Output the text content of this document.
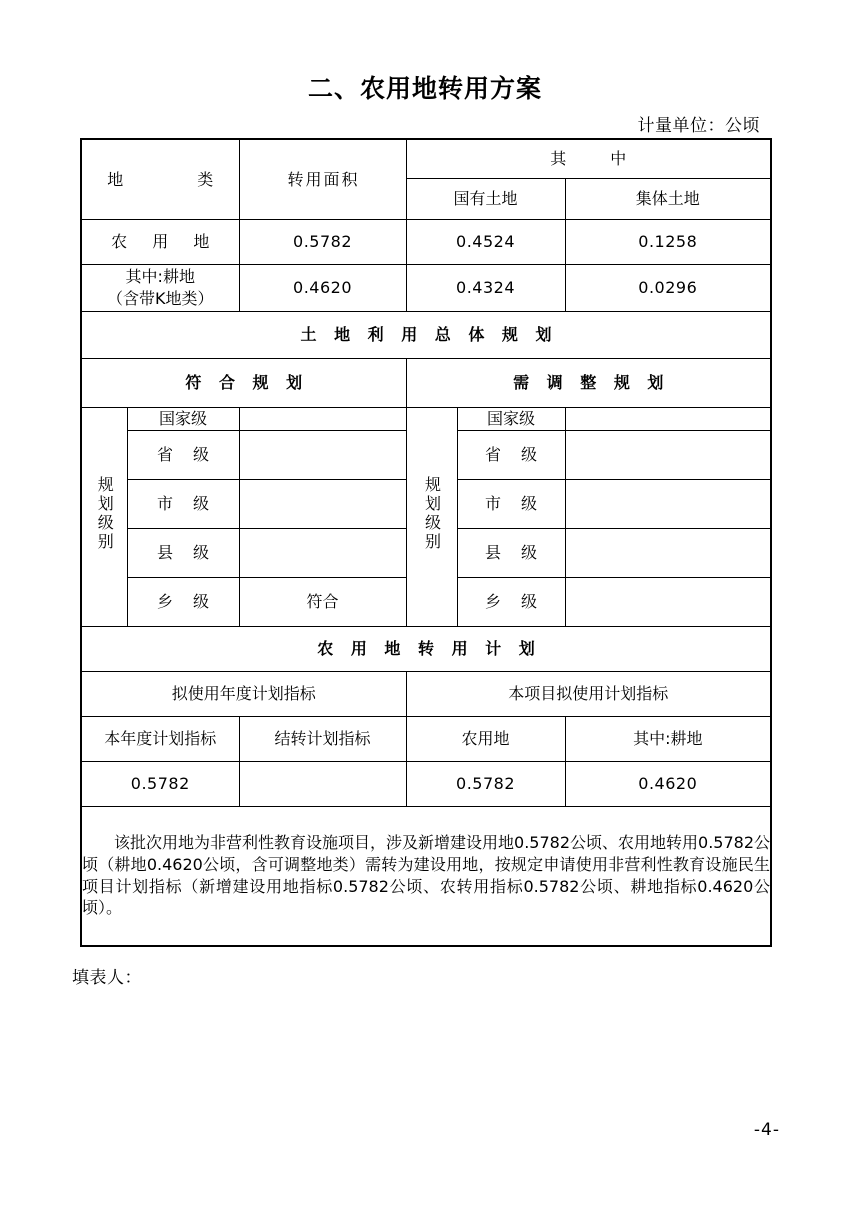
二、农用地转用方案
计量单位：公顷
地　　类		转用面积	其　中		
			国有土地		集体土地
农 用 地		0.5782	0.4524		0.1258

其中:耕地
（含带K地类）		0.4620	0.4324		0.0296
土 地 利 用 总 体 规 划					
符 合 规 划			需 调 整 规 划		
规划级别	国家级		规划级别	国家级	
	省　级			省　级	
	市　级			市　级	
	县　级			县　级	
	乡　级	符合		乡　级	
农 用 地 转 用 计 划					
拟使用年度计划指标			本项目拟使用计划指标		
本年度计划指标		结转计划指标	农用地		其中:耕地
0.5782			0.5782		0.4620

该批次用地为非营利性教育设施项目，涉及新增建设用地0.5782公顷、农用地转用0.5782公顷（耕地0.4620公顷，含可调整地类）需转为建设用地，按规定申请使用非营利性教育设施民生项目计划指标（新增建设用地指标0.5782公顷、农转用指标0.5782公顷、耕地指标0.4620公顷）。					

填表人：
-4-
